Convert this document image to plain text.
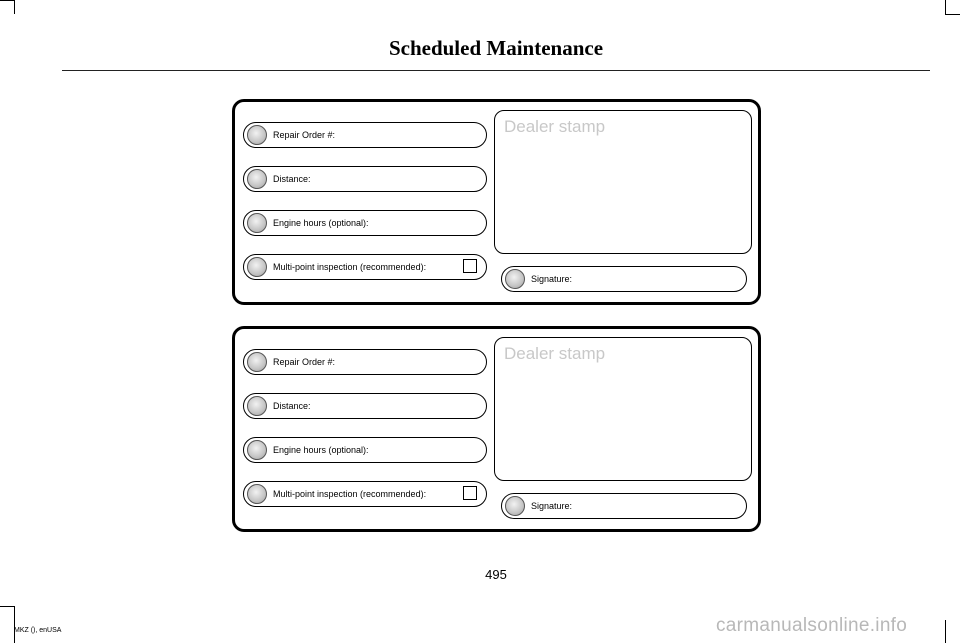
Scheduled Maintenance
Repair Order #:
Distance:
Engine hours (optional):
Multi-point inspection (recommended):
Dealer stamp
Signature:
Repair Order #:
Distance:
Engine hours (optional):
Multi-point inspection (recommended):
Dealer stamp
Signature:
495
MKZ (), enUSA	carmanualsonline.info
